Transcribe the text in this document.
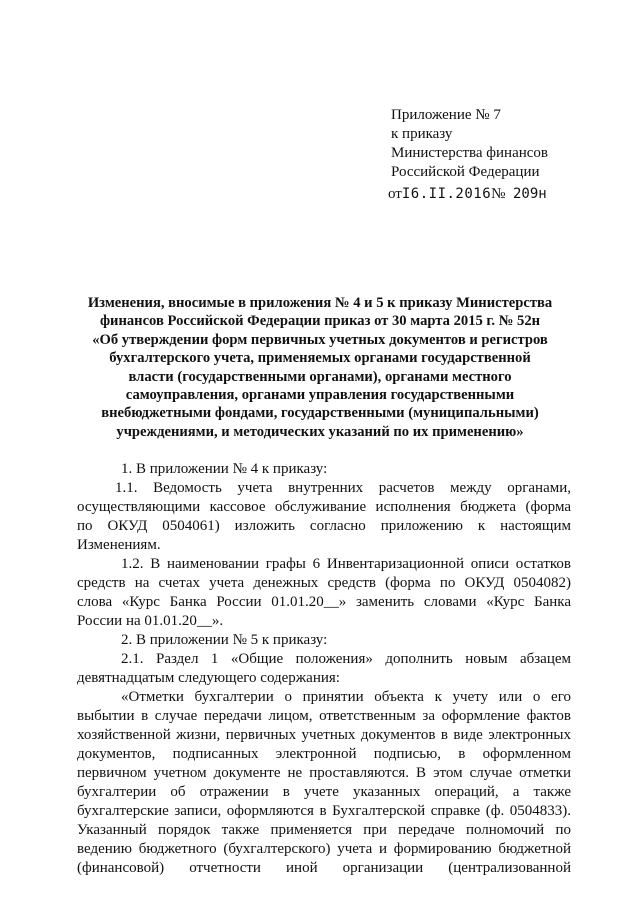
Приложение № 7
к приказу
Министерства финансов
Российской Федерации
отI6.II.2016№ 209н
Изменения, вносимые в приложения № 4 и 5 к приказу Министерства
финансов Российской Федерации приказ от 30 марта 2015 г. № 52н
«Об утверждении форм первичных учетных документов и регистров
бухгалтерского учета, применяемых органами государственной
власти (государственными органами), органами местного
самоуправления, органами управления государственными
внебюджетными фондами, государственными (муниципальными)
учреждениями, и методических указаний по их применению»
1. В приложении № 4 к приказу:
1.1. Ведомость учета внутренних расчетов между органами,
осуществляющими кассовое обслуживание исполнения бюджета (форма
по ОКУД 0504061) изложить согласно приложению к настоящим
Изменениям.
1.2. В наименовании графы 6 Инвентаризационной описи остатков
средств на счетах учета денежных средств (форма по ОКУД 0504082)
слова «Курс Банка России 01.01.20__» заменить словами «Курс Банка
России на 01.01.20__».
2. В приложении № 5 к приказу:
2.1. Раздел 1 «Общие положения» дополнить новым абзацем
девятнадцатым следующего содержания:
«Отметки бухгалтерии о принятии объекта к учету или о его
выбытии в случае передачи лицом, ответственным за оформление фактов
хозяйственной жизни, первичных учетных документов в виде электронных
документов, подписанных электронной подписью, в оформленном
первичном учетном документе не проставляются. В этом случае отметки
бухгалтерии об отражении в учете указанных операций, а также
бухгалтерские записи, оформляются в Бухгалтерской справке (ф. 0504833).
Указанный порядок также применяется при передаче полномочий по
ведению бюджетного (бухгалтерского) учета и формированию бюджетной
(финансовой) отчетности иной организации (централизованной
